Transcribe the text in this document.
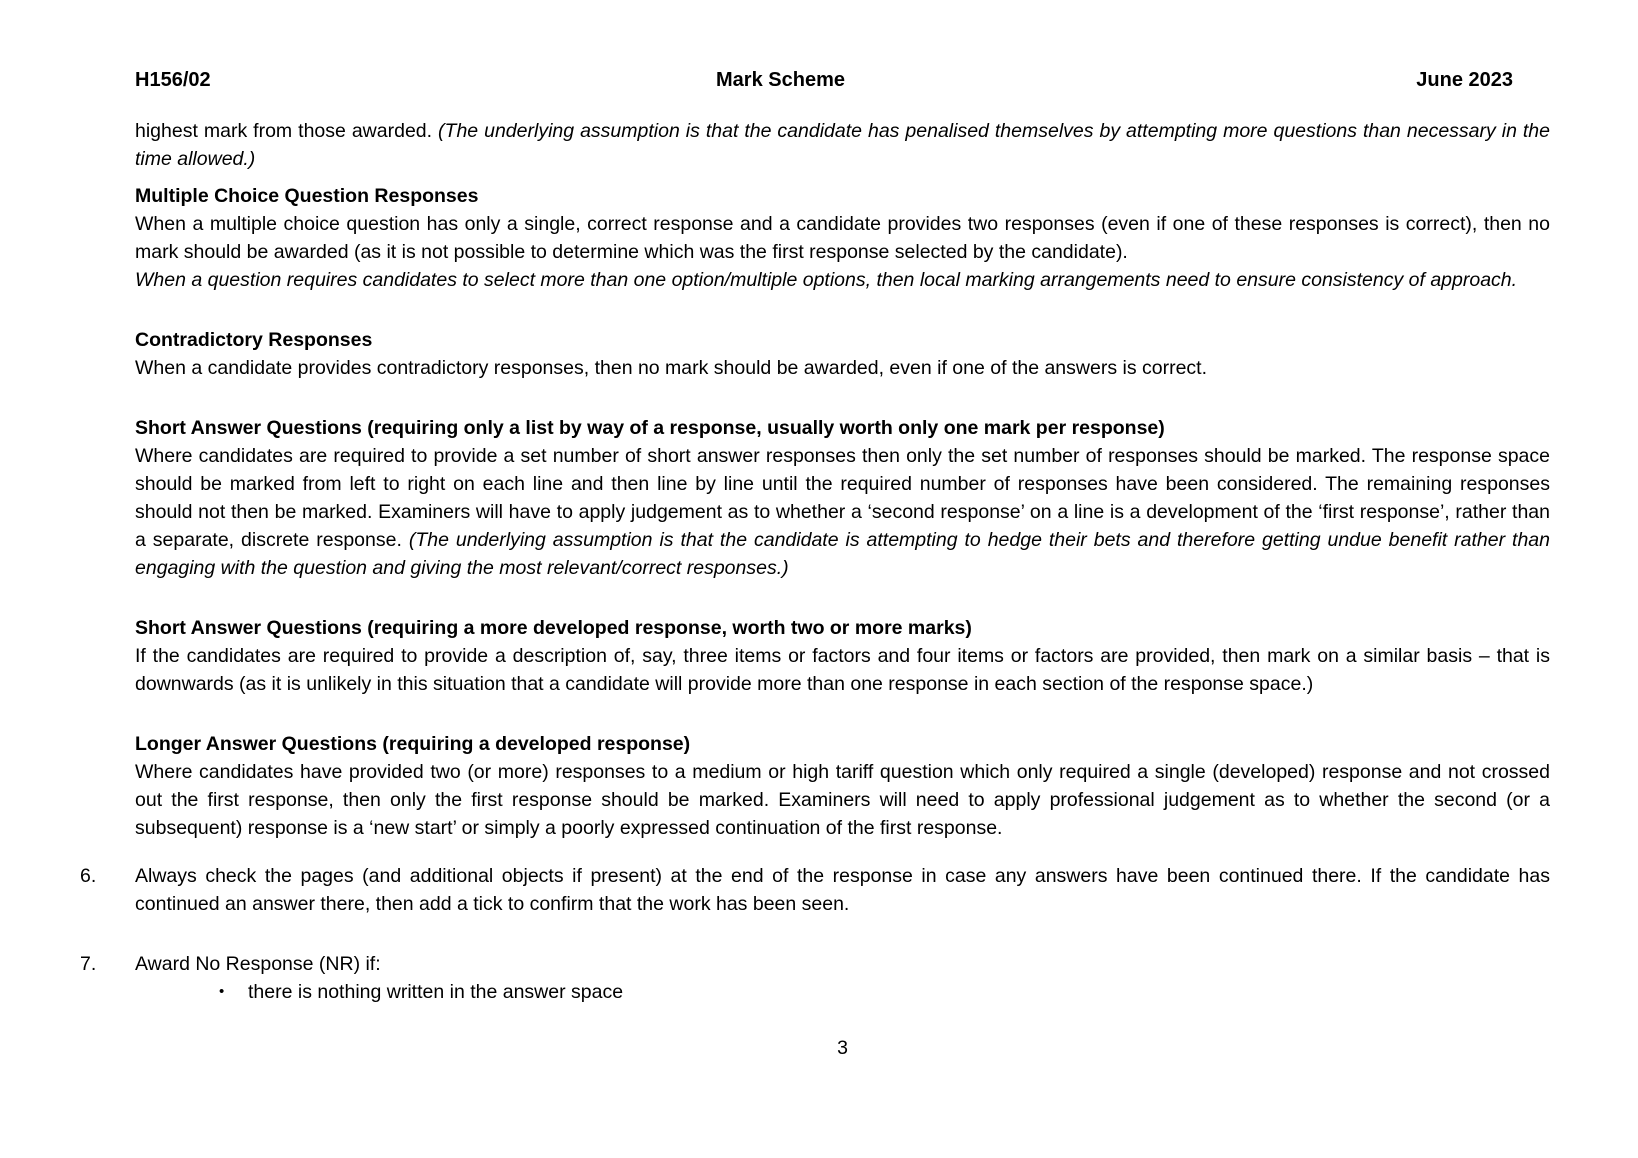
H156/02	Mark Scheme	June 2023

highest mark from those awarded. (The underlying assumption is that the candidate has penalised themselves by attempting more questions than necessary in the time allowed.)

Multiple Choice Question Responses

When a multiple choice question has only a single, correct response and a candidate provides two responses (even if one of these responses is correct), then no mark should be awarded (as it is not possible to determine which was the first response selected by the candidate).

When a question requires candidates to select more than one option/multiple options, then local marking arrangements need to ensure consistency of approach.

Contradictory Responses

When a candidate provides contradictory responses, then no mark should be awarded, even if one of the answers is correct.

Short Answer Questions (requiring only a list by way of a response, usually worth only one mark per response)

Where candidates are required to provide a set number of short answer responses then only the set number of responses should be marked. The response space should be marked from left to right on each line and then line by line until the required number of responses have been considered. The remaining responses should not then be marked. Examiners will have to apply judgement as to whether a ‘second response’ on a line is a development of the ‘first response’, rather than a separate, discrete response. (The underlying assumption is that the candidate is attempting to hedge their bets and therefore getting undue benefit rather than engaging with the question and giving the most relevant/correct responses.)

Short Answer Questions (requiring a more developed response, worth two or more marks)

If the candidates are required to provide a description of, say, three items or factors and four items or factors are provided, then mark on a similar basis – that is downwards (as it is unlikely in this situation that a candidate will provide more than one response in each section of the response space.)

Longer Answer Questions (requiring a developed response)

Where candidates have provided two (or more) responses to a medium or high tariff question which only required a single (developed) response and not crossed out the first response, then only the first response should be marked. Examiners will need to apply professional judgement as to whether the second (or a subsequent) response is a ‘new start’ or simply a poorly expressed continuation of the first response.

6. Always check the pages (and additional objects if present) at the end of the response in case any answers have been continued there. If the candidate has continued an answer there, then add a tick to confirm that the work has been seen.
7. Award No Response (NR) if:
• there is nothing written in the answer space
3
